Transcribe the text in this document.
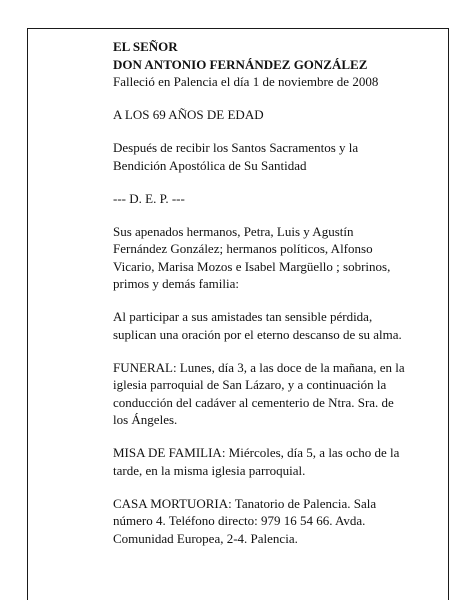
EL SEÑOR

DON ANTONIO FERNÁNDEZ GONZÁLEZ

Falleció en Palencia el día 1 de noviembre de 2008

A LOS 69 AÑOS DE EDAD

Después de recibir los Santos Sacramentos y la

Bendición Apostólica de Su Santidad

--- D. E. P. ---

Sus apenados hermanos, Petra, Luis y Agustín

Fernández González; hermanos políticos, Alfonso

Vicario, Marisa Mozos e Isabel Margüello ; sobrinos,

primos y demás familia:

Al participar a sus amistades tan sensible pérdida,

suplican una oración por el eterno descanso de su alma.

FUNERAL: Lunes, día 3, a las doce de la mañana, en la

iglesia parroquial de San Lázaro, y a continuación la

conducción del cadáver al cementerio de Ntra. Sra. de

los Ángeles.

MISA DE FAMILIA: Miércoles, día 5, a las ocho de la

tarde, en la misma iglesia parroquial.

CASA MORTUORIA: Tanatorio de Palencia. Sala

número 4. Teléfono directo: 979 16 54 66. Avda.

Comunidad Europea, 2-4. Palencia.
